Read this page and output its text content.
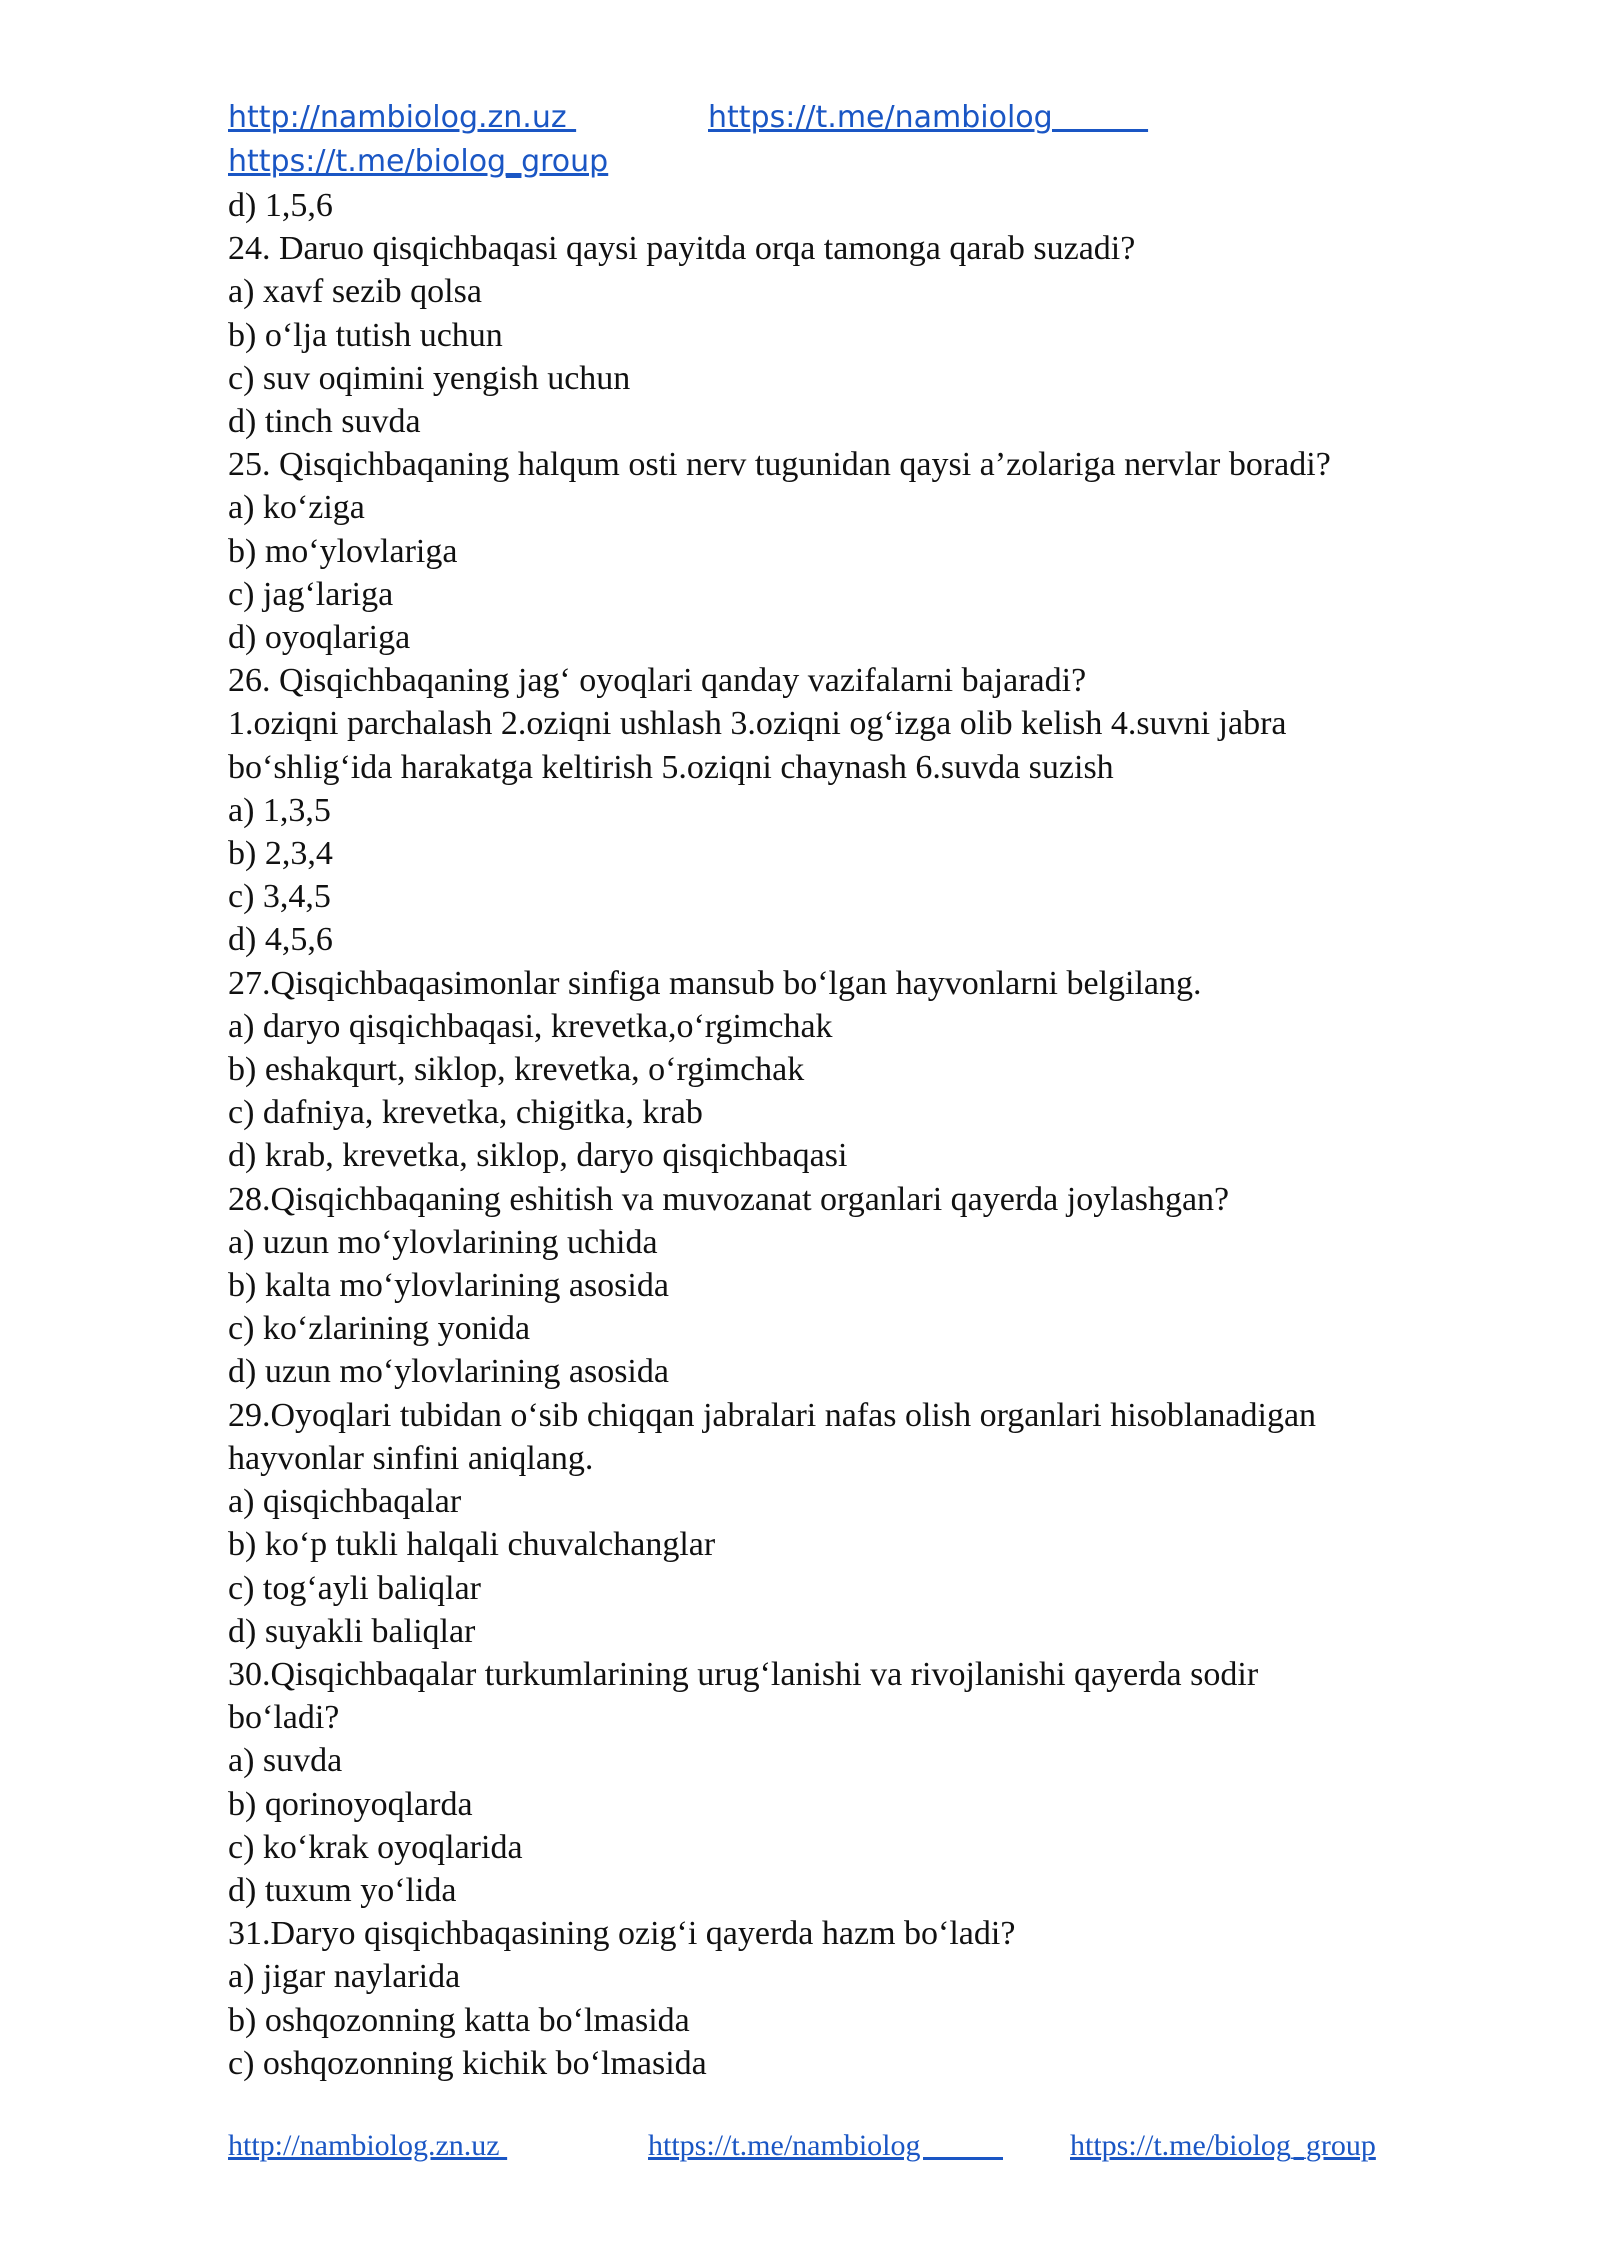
http://nambiolog.zn.uz	https://t.me/nambiolog
https://t.me/biolog_group
d) 1,5,6
24. Daruo qisqichbaqasi qaysi payitda orqa tamonga qarab suzadi?
a) xavf sezib qolsa
b) o‘lja tutish uchun
c) suv oqimini yengish uchun
d) tinch suvda
25. Qisqichbaqaning halqum osti nerv tugunidan qaysi a’zolariga nervlar boradi?
a) ko‘ziga
b) mo‘ylovlariga
c) jag‘lariga
d) oyoqlariga
26. Qisqichbaqaning jag‘ oyoqlari qanday vazifalarni bajaradi?
1.oziqni parchalash 2.oziqni ushlash 3.oziqni og‘izga olib kelish 4.suvni jabra
bo‘shlig‘ida harakatga keltirish 5.oziqni chaynash 6.suvda suzish
a) 1,3,5
b) 2,3,4
c) 3,4,5
d) 4,5,6
27.Qisqichbaqasimonlar sinfiga mansub bo‘lgan hayvonlarni belgilang.
a) daryo qisqichbaqasi, krevetka,o‘rgimchak
b) eshakqurt, siklop, krevetka, o‘rgimchak
c) dafniya, krevetka, chigitka, krab
d) krab, krevetka, siklop, daryo qisqichbaqasi
28.Qisqichbaqaning eshitish va muvozanat organlari qayerda joylashgan?
a) uzun mo‘ylovlarining uchida
b) kalta mo‘ylovlarining asosida
c) ko‘zlarining yonida
d) uzun mo‘ylovlarining asosida
29.Oyoqlari tubidan o‘sib chiqqan jabralari nafas olish organlari hisoblanadigan
hayvonlar sinfini aniqlang.
a) qisqichbaqalar
b) ko‘p tukli halqali chuvalchanglar
c) tog‘ayli baliqlar
d) suyakli baliqlar
30.Qisqichbaqalar turkumlarining urug‘lanishi va rivojlanishi qayerda sodir
bo‘ladi?
a) suvda
b) qorinoyoqlarda
c) ko‘krak oyoqlarida
d) tuxum yo‘lida
31.Daryo qisqichbaqasining ozig‘i qayerda hazm bo‘ladi?
a) jigar naylarida
b) oshqozonning katta bo‘lmasida
c) oshqozonning kichik bo‘lmasida
http://nambiolog.zn.uz	https://t.me/nambiolog https://t.me/biolog_group
